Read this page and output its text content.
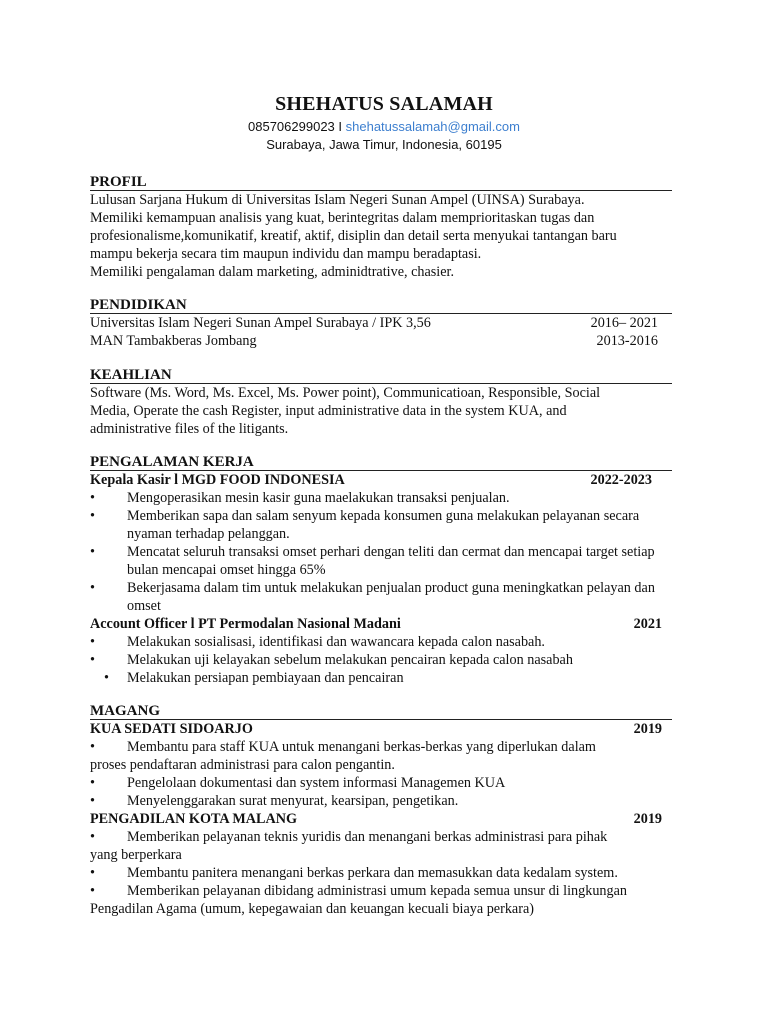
SHEHATUS SALAMAH
085706299023 I shehatussalamah@gmail.com
Surabaya, Jawa Timur, Indonesia, 60195
PROFIL
Lulusan Sarjana Hukum di Universitas Islam Negeri Sunan Ampel (UINSA) Surabaya.
Memiliki kemampuan analisis yang kuat, berintegritas dalam memprioritaskan tugas dan
profesionalisme,komunikatif, kreatif, aktif, disiplin dan detail serta menyukai tantangan baru
mampu bekerja secara tim maupun individu dan mampu beradaptasi.
Memiliki pengalaman dalam marketing, adminidtrative, chasier.
PENDIDIKAN
Universitas Islam Negeri Sunan Ampel Surabaya / IPK 3,56	2016– 2021
MAN Tambakberas Jombang	2013-2016
KEAHLIAN
Software (Ms. Word, Ms. Excel, Ms. Power point), Communicatioan, Responsible, Social
Media, Operate the cash Register, input administrative data in the system KUA, and
administrative files of the litigants.
PENGALAMAN KERJA
Kepala Kasir l MGD FOOD INDONESIA	2022-2023
•	Mengoperasikan mesin kasir guna maelakukan transaksi penjualan.
•	Memberikan sapa dan salam senyum kepada konsumen guna melakukan pelayanan secara nyaman terhadap pelanggan.
•	Mencatat seluruh transaksi omset perhari dengan teliti dan cermat dan mencapai target setiap bulan mencapai omset hingga 65%
•	Bekerjasama dalam tim untuk melakukan penjualan product guna meningkatkan pelayan dan omset
Account Officer l PT Permodalan Nasional Madani	2021
•	Melakukan sosialisasi, identifikasi dan wawancara kepada calon nasabah.
•	Melakukan uji kelayakan sebelum melakukan pencairan kepada calon nasabah
•	Melakukan persiapan pembiayaan dan pencairan
MAGANG
KUA SEDATI SIDOARJO	2019
• Membantu para staff KUA untuk menangani berkas-berkas yang diperlukan dalam
proses pendaftaran administrasi para calon pengantin.
• Pengelolaan dokumentasi dan system informasi Managemen KUA
• Menyelenggarakan surat menyurat, kearsipan, pengetikan.
PENGADILAN KOTA MALANG	2019
• Memberikan pelayanan teknis yuridis dan menangani berkas administrasi para pihak
yang berperkara
• Membantu panitera menangani berkas perkara dan memasukkan data kedalam system.
• Memberikan pelayanan dibidang administrasi umum kepada semua unsur di lingkungan
Pengadilan Agama (umum, kepegawaian dan keuangan kecuali biaya perkara)
